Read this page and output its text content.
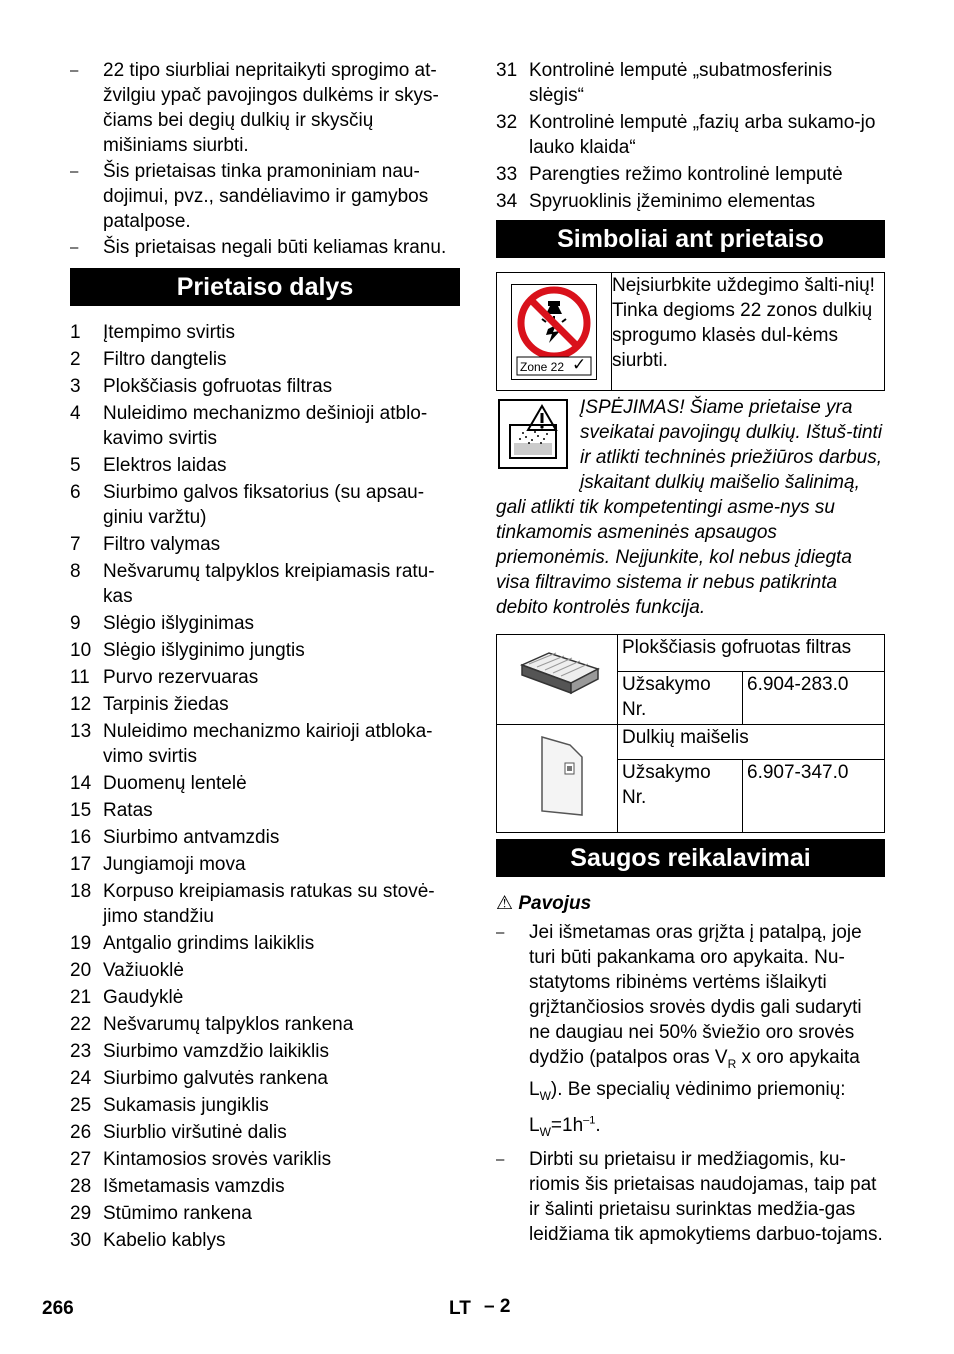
– 22 tipo siurbliai nepritaikyti sprogimo at-žvilgiu ypač pavojingos dulkėms ir skys-čiams bei degių dulkių ir skysčių mišiniams siurbti.
– Šis prietaisas tinka pramoniniam nau-dojimui, pvz., sandėliavimo ir gamybos patalpose.
– Šis prietaisas negali būti keliamas kranu.
Prietaiso dalys
1 Įtempimo svirtis
2 Filtro dangtelis
3 Plokščiasis gofruotas filtras
4 Nuleidimo mechanizmo dešinioji atblo-kavimo svirtis
5 Elektros laidas
6 Siurbimo galvos fiksatorius (su apsau-giniu varžtu)
7 Filtro valymas
8 Nešvarumų talpyklos kreipiamasis ratu-kas
9 Slėgio išlyginimas
10 Slėgio išlyginimo jungtis
11 Purvo rezervuaras
12 Tarpinis žiedas
13 Nuleidimo mechanizmo kairioji atbloka-vimo svirtis
14 Duomenų lentelė
15 Ratas
16 Siurbimo antvamzdis
17 Jungiamoji mova
18 Korpuso kreipiamasis ratukas su stovė-jimo standžiu
19 Antgalio grindims laikiklis
20 Važiuoklė
21 Gaudyklė
22 Nešvarumų talpyklos rankena
23 Siurbimo vamzdžio laikiklis
24 Siurbimo galvutės rankena
25 Sukamasis jungiklis
26 Siurblio viršutinė dalis
27 Kintamosios srovės variklis
28 Išmetamasis vamzdis
29 Stūmimo rankena
30 Kabelio kablys
31 Kontrolinė lemputė „subatmosferinis slėgis“
32 Kontrolinė lemputė „fazių arba sukamo-jo lauko klaida“
33 Parengties režimo kontrolinė lemputė
34 Spyruoklinis įžeminimo elementas
Simboliai ant prietaiso
Zone 22 ✓
	Neįsiurbkite uždegimo šalti-nių! Tinka degioms 22 zonos dulkių sprogumo klasės dul-kėms siurbti.
ĮSPĖJIMAS! Šiame prietaise yra sveikatai pavojingų dulkių. Ištuš-tinti ir atlikti techninės priežiūros darbus, įskaitant dulkių maišelio šalinimą, gali atlikti tik kompetentingi asme-nys su tinkamomis asmeninės apsaugos priemonėmis. Neįjunkite, kol nebus įdiegta visa filtravimo sistema ir nebus patikrinta debito kontrolės funkcija.
	Plokščiasis gofruotas filtras	
	Užsakymo Nr.	6.904-283.0
	Dulkių maišelis	
	Užsakymo Nr.	6.907-347.0
Saugos reikalavimai
⚠ Pavojus
– Jei išmetamas oras grįžta į patalpą, joje turi būti pakankama oro apykaita. Nu-statytoms ribinėms vertėms išlaikyti grįžtančiosios srovės dydis gali sudaryti ne daugiau nei 50% šviežio oro srovės dydžio (patalpos oras $V_R$ x oro apykaita $L_W$). Be specialių vėdinimo priemonių: $L_W=1h^{-1}$.
– Dirbti su prietaisu ir medžiagomis, ku-riomis šis prietaisas naudojamas, taip pat ir šalinti prietaisu surinktas medžia-gas leidžiama tik apmokytiems darbuo-tojams.
266	LT – 2
